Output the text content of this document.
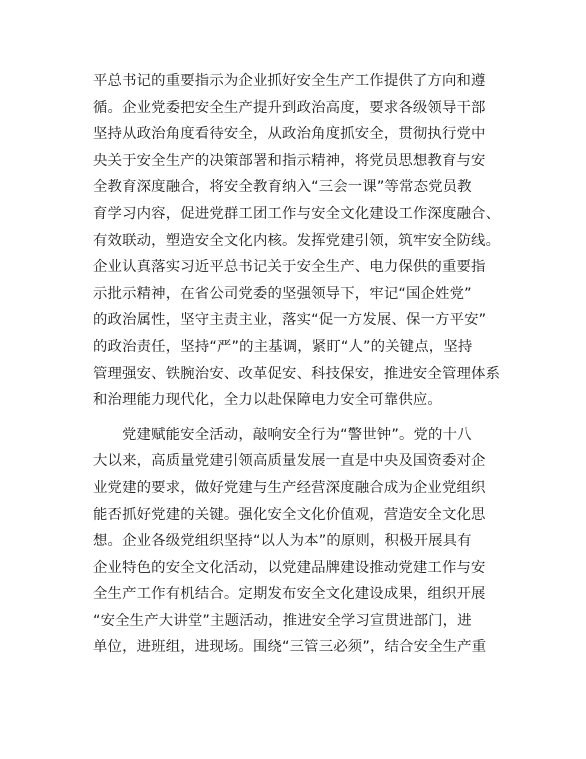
平总书记的重要指示为企业抓好安全生产工作提供了方向和遵

循。企业党委把安全生产提升到政治高度，要求各级领导干部

坚持从政治角度看待安全，从政治角度抓安全，贯彻执行党中

央关于安全生产的决策部署和指示精神，将党员思想教育与安

全教育深度融合，将安全教育纳入“三会一课”等常态党员教

育学习内容，促进党群工团工作与安全文化建设工作深度融合、

有效联动，塑造安全文化内核。发挥党建引领，筑牢安全防线。

企业认真落实习近平总书记关于安全生产、电力保供的重要指

示批示精神，在省公司党委的坚强领导下，牢记“国企姓党”

的政治属性，坚守主责主业，落实“促一方发展、保一方平安”

的政治责任，坚持“严”的主基调，紧盯“人”的关键点，坚持

管理强安、铁腕治安、改革促安、科技保安，推进安全管理体系

和治理能力现代化，全力以赴保障电力安全可靠供应。

党建赋能安全活动，敲响安全行为“警世钟”。党的十八

大以来，高质量党建引领高质量发展一直是中央及国资委对企

业党建的要求，做好党建与生产经营深度融合成为企业党组织

能否抓好党建的关键。强化安全文化价值观，营造安全文化思

想。企业各级党组织坚持“以人为本”的原则，积极开展具有

企业特色的安全文化活动，以党建品牌建设推动党建工作与安

全生产工作有机结合。定期发布安全文化建设成果，组织开展

“安全生产大讲堂”主题活动，推进安全学习宣贯进部门，进

单位，进班组，进现场。围绕“三管三必须”，结合安全生产重
